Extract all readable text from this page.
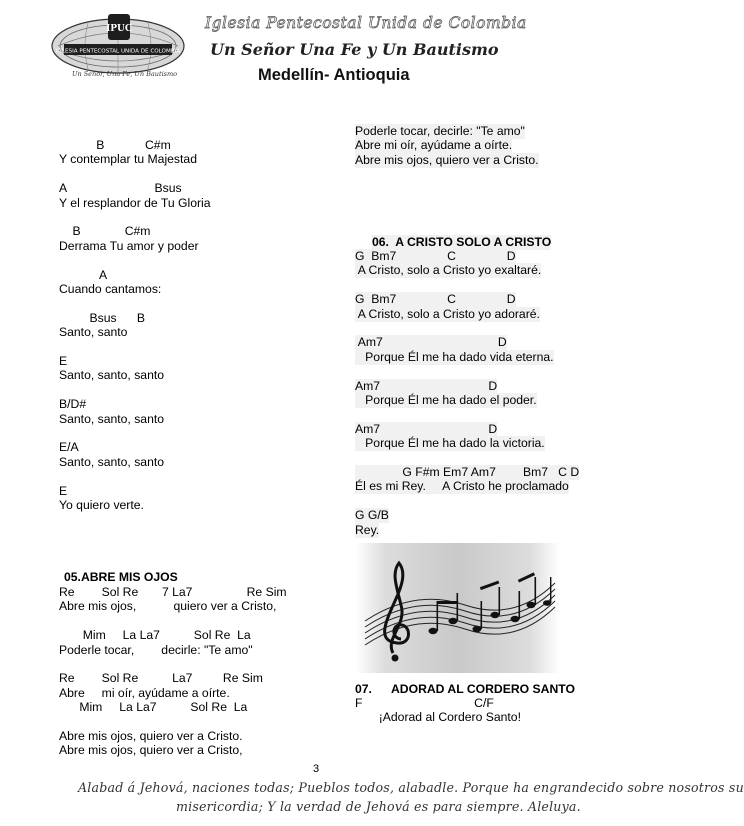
IPUC
IGLESIA PENTECOSTAL UNIDA DE COLOMBIA
Un Señor, Una Fe, Un Bautismo
Iglesia Pentecostal Unida de Colombia
Un Señor Una Fe y Un Bautismo
Medellín- Antioquia
B            C#m
Y contemplar tu Majestad
A                          Bsus
Y el resplandor de Tu Gloria
B             C#m
Derrama Tu amor y poder
A
Cuando cantamos:
Bsus      B
Santo, santo
E
Santo, santo, santo
B/D#
Santo, santo, santo
E/A
Santo, santo, santo
E
Yo quiero verte.
05.ABRE MIS OJOS
Re        Sol Re       7 La7                Re Sim
Abre mis ojos,           quiero ver a Cristo,
Mim     La La7          Sol Re  La
Poderle tocar,        decirle: "Te amo"
Re        Sol Re          La7         Re Sim
Abre     mi oír, ayúdame a oírte.
Mim     La La7          Sol Re  La
Abre mis ojos, quiero ver a Cristo.
Abre mis ojos, quiero ver a Cristo,
Poderle tocar, decirle: "Te amo"
Abre mi oír, ayúdame a oírte.
Abre mis ojos, quiero ver a Cristo.
06.  A CRISTO SOLO A CRISTO
G  Bm7               C               D
A Cristo, solo a Cristo yo exaltaré.
G  Bm7               C               D
A Cristo, solo a Cristo yo adoraré.
Am7                                  D
Porque Él me ha dado vida eterna.
Am7                                D
Porque Él me ha dado el poder.
Am7                                D
Porque Él me ha dado la victoria.
G F#m Em7 Am7        Bm7   C D
Él es mi Rey.     A Cristo he proclamado
G G/B
Rey.
07. ADORAD AL CORDERO SANTO
F                                 C/F
¡Adorad al Cordero Santo!
3
Alabad á Jehová, naciones todas; Pueblos todos, alabadle. Porque ha engrandecido sobre nosotros su
misericordia; Y la verdad de Jehová es para siempre. Aleluya.
